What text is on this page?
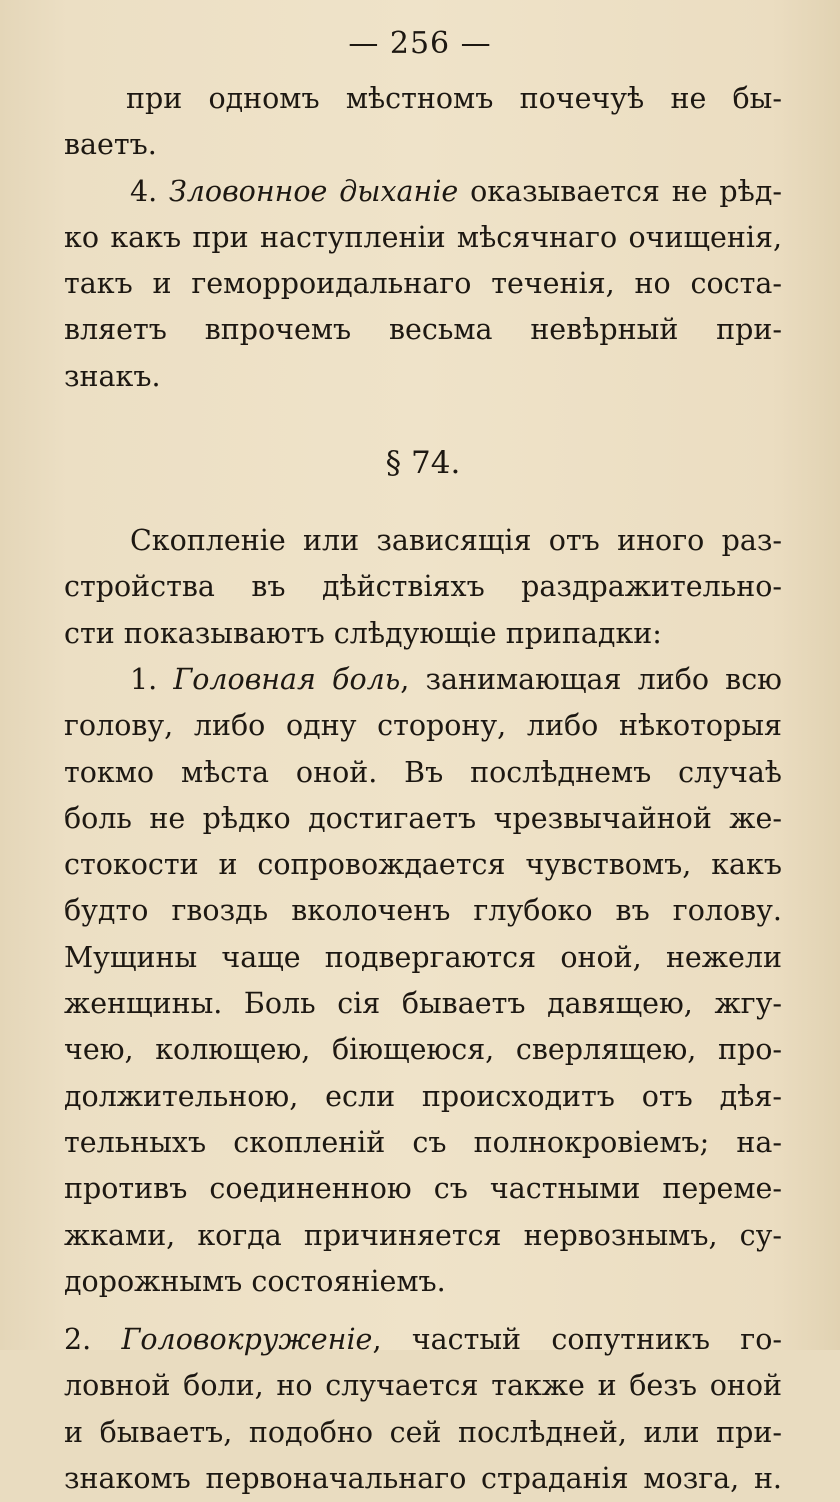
— 256 —
при одномъ мѣстномъ почечуѣ не бы-
ваетъ.
4. Зловонное дыханіе оказывается не рѣд-
ко какъ при наступленіи мѣсячнаго очищенія,
такъ и геморроидальнаго теченія, но соста-
вляетъ впрочемъ весьма невѣрный при-
знакъ.
§ 74.
Скопленіе или зависящія отъ иного раз-
стройства въ дѣйствіяхъ раздражительно-
сти показываютъ слѣдующіе припадки:
1. Головная боль, занимающая либо всю
голову, либо одну сторону, либо нѣкоторыя
токмо мѣста оной. Въ послѣднемъ случаѣ
боль не рѣдко достигаетъ чрезвычайной же-
стокости и сопровождается чувствомъ, какъ
будто гвоздь вколоченъ глубоко въ голову.
Мущины чаще подвергаются оной, нежели
женщины. Боль сія бываетъ давящею, жгу-
чею, колющею, біющеюся, сверлящею, про-
должительною, если происходитъ отъ дѣя-
тельныхъ скопленій съ полнокровіемъ; на-
противъ соединенною съ частными переме-
жками, когда причиняется нервознымъ, су-
дорожнымъ состояніемъ.
2. Головокруженіе, частый сопутникъ го-
ловной боли, но случается также и безъ оной
и бываетъ, подобно сей послѣдней, или при-
знакомъ первоначальнаго страданія мозга, н.
